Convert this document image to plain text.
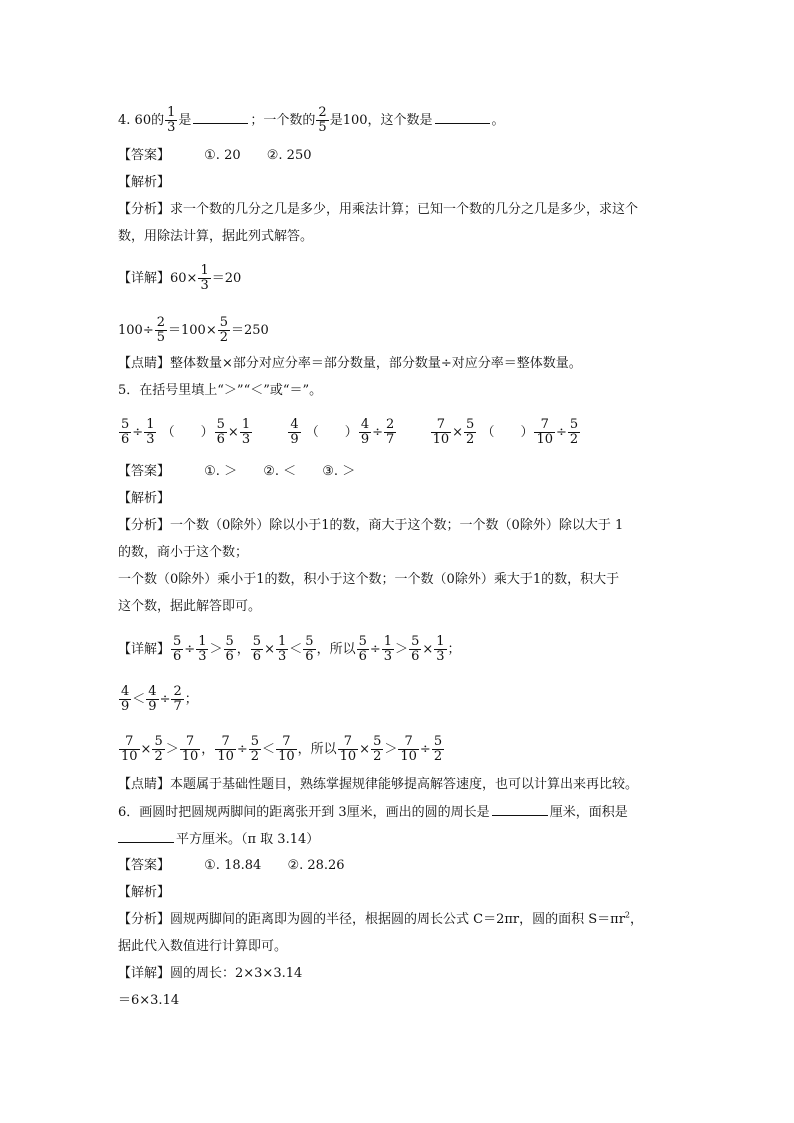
4. 60的 $\frac{1}{3}$ 是	；一个数的 $\frac{2}{5}$ 是100，这个数是	。
【答案】	①. 20 ②. 250
【解析】
【分析】求一个数的几分之几是多少，用乘法计算；已知一个数的几分之几是多少，求这个
数，用除法计算，据此列式解答。
【详解】$60\times \frac{1}{3} =20$
$100\div \frac{2}{5} =100\times \frac{5}{2} =250$
【点睛】整体数量×部分对应分率＝部分数量，部分数量÷对应分率＝整体数量。
5．在括号里填上“＞”“＜”或“＝”。
$\frac{5}{6} \div \frac{1}{3}$ （　　） $\frac{5}{6} \times \frac{1}{3}$
	$\frac{4}{9}$ （　　） $\frac{4}{9} \div \frac{2}{7}$
	$\frac{7}{10} \times \frac{5}{2}$ （　　） $\frac{7}{10} \div \frac{5}{2}$
【答案】	①. ＞ ②. ＜ ③. ＞
【解析】
【分析】一个数（0除外）除以小于1的数，商大于这个数；一个数（0除外）除以大于 1
的数，商小于这个数；
一个数（0除外）乘小于1的数，积小于这个数；一个数（0除外）乘大于1的数，积大于
这个数，据此解答即可。
【详解】 $\frac{5}{6} \div \frac{1}{3} > \frac{5}{6}$ ， $\frac{5}{6} \times \frac{1}{3} < \frac{5}{6}$ ，所以 $\frac{5}{6} \div \frac{1}{3} > \frac{5}{6} \times \frac{1}{3}$ ；
$\frac{4}{9} < \frac{4}{9} \div \frac{2}{7}$ ；
$\frac{7}{10} \times \frac{5}{2} > \frac{7}{10}$ ， $\frac{7}{10} \div \frac{5}{2} < \frac{7}{10}$ ，所以 $\frac{7}{10} \times \frac{5}{2} > \frac{7}{10} \div \frac{5}{2}$
【点睛】本题属于基础性题目，熟练掌握规律能够提高解答速度，也可以计算出来再比较。
6．画圆时把圆规两脚间的距离张开到 3厘米，画出的圆的周长是	厘米，面积是
平方厘米。（π 取 3.14）
【答案】	①. 18.84 ②. 28.26
【解析】
【分析】圆规两脚间的距离即为圆的半径，根据圆的周长公式 C＝2πr，圆的面积 $S=\pi r^2$，
据此代入数值进行计算即可。
【详解】圆的周长：2×3×3.14
＝6×3.14
